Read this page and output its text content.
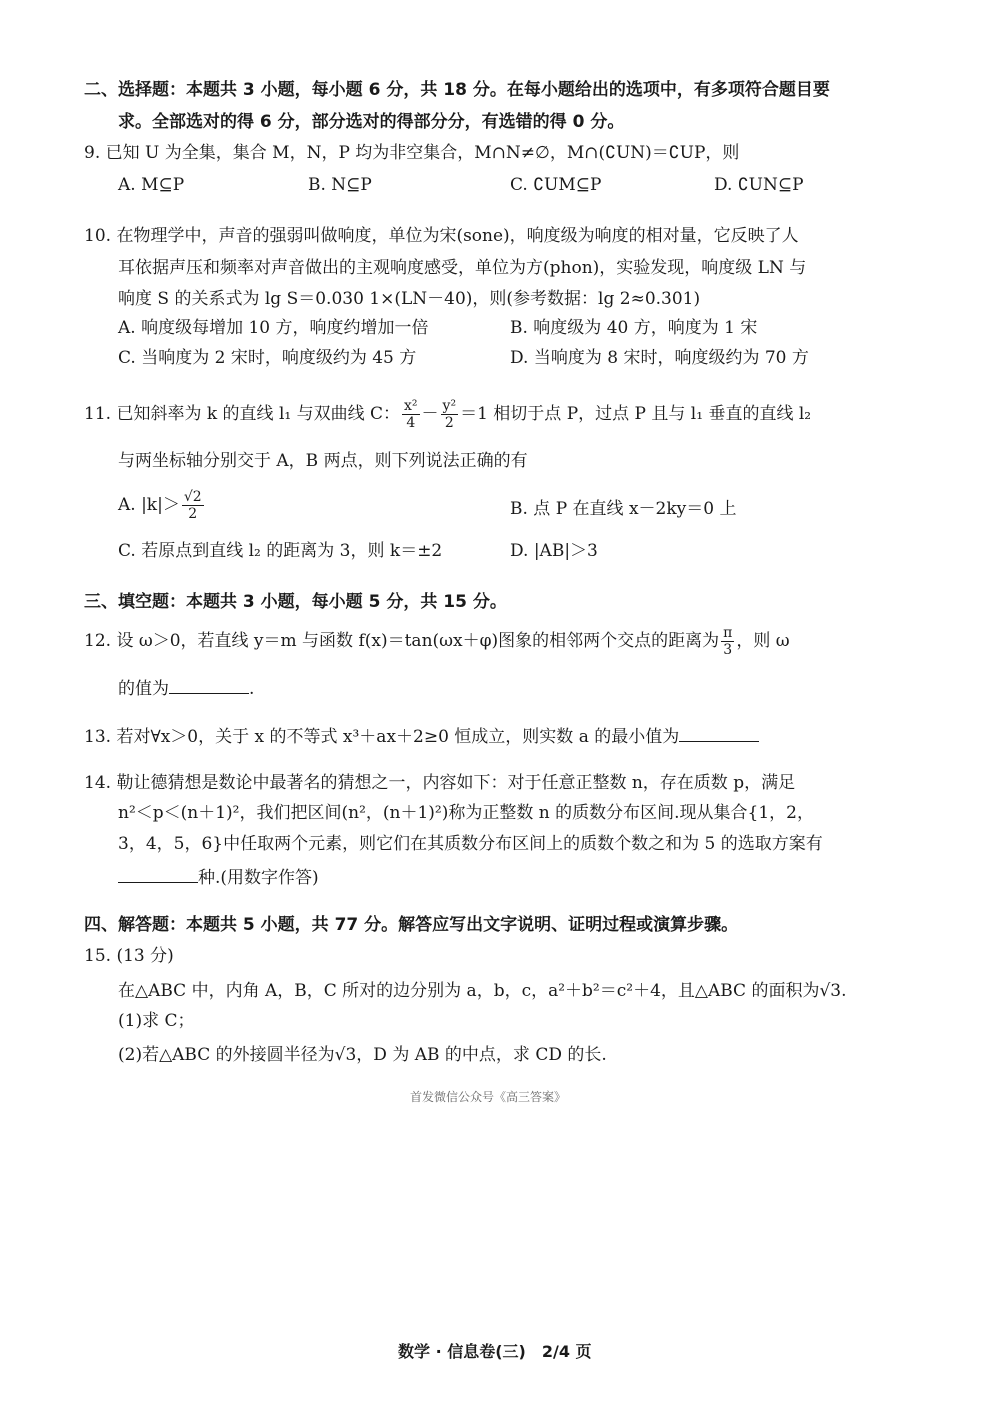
二、选择题：本题共 3 小题，每小题 6 分，共 18 分。在每小题给出的选项中，有多项符合题目要
求。全部选对的得 6 分，部分选对的得部分分，有选错的得 0 分。
9. 已知 U 为全集，集合 M，N，P 均为非空集合，M∩N≠∅，M∩(∁UN)＝∁UP，则
A. M⊆P	B. N⊆P	C. ∁UM⊆P	D. ∁UN⊆P
10. 在物理学中，声音的强弱叫做响度，单位为宋(sone)，响度级为响度的相对量，它反映了人
耳依据声压和频率对声音做出的主观响度感受，单位为方(phon)，实验发现，响度级 LN 与
响度 S 的关系式为 lg S＝0.030 1×(LN－40)，则(参考数据：lg 2≈0.301)
A. 响度级每增加 10 方，响度约增加一倍	B. 响度级为 40 方，响度为 1 宋
C. 当响度为 2 宋时，响度级约为 45 方	D. 当响度为 8 宋时，响度级约为 70 方
11. 已知斜率为 k 的直线 l₁ 与双曲线 C： $\frac{\text{x²}}{4} - \frac{\text{y²}}{2} =1$ 相切于点 P，过点 P 且与 l₁ 垂直的直线 l₂
与两坐标轴分别交于 A，B 两点，则下列说法正确的有
A. $|k|> \frac{√2}{2}$	B. 点 P 在直线 x－2ky＝0 上
C. 若原点到直线 l₂ 的距离为 3，则 k＝±2	D. |AB|＞3
三、填空题：本题共 3 小题，每小题 5 分，共 15 分。
12. 设 ω＞0，若直线 y＝m 与函数 f(x)＝tan(ωx＋φ)图象的相邻两个交点的距离为 $\frac{\pi}{3}$ ，则 ω
的值为	.
13. 若对∀x＞0，关于 x 的不等式 x³＋ax＋2≥0 恒成立，则实数 a 的最小值为
14. 勒让德猜想是数论中最著名的猜想之一，内容如下：对于任意正整数 n，存在质数 p，满足
n²＜p＜(n＋1)²，我们把区间(n²，(n＋1)²)称为正整数 n 的质数分布区间.现从集合{1，2，
3，4，5，6}中任取两个元素，则它们在其质数分布区间上的质数个数之和为 5 的选取方案有
种.(用数字作答)
四、解答题：本题共 5 小题，共 77 分。解答应写出文字说明、证明过程或演算步骤。
15. (13 分)
在△ABC 中，内角 A，B，C 所对的边分别为 a，b，c，a²＋b²＝c²＋4，且△ABC 的面积为√3.
(1)求 C；
(2)若△ABC 的外接圆半径为√3，D 为 AB 的中点，求 CD 的长.
首发微信公众号《高三答案》
数学 · 信息卷(三)　2/4 页
